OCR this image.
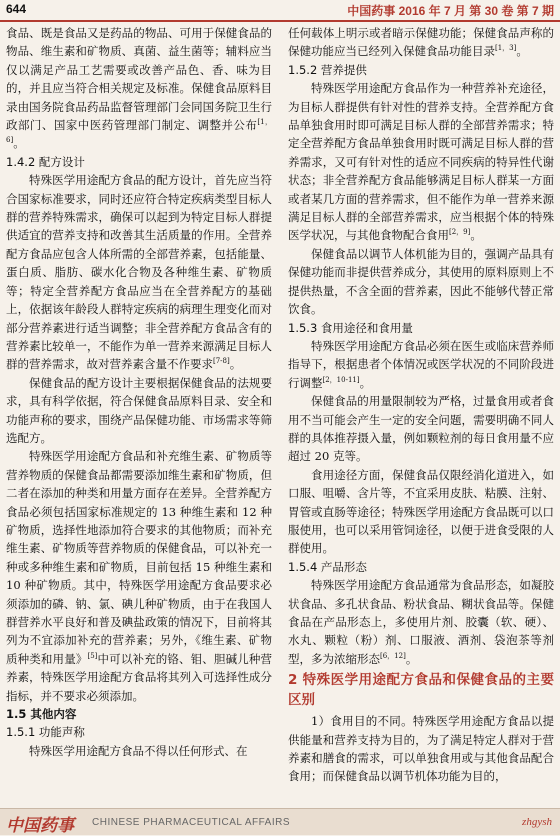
644	中国药事 2016 年 7 月 第 30 卷 第 7 期

食品、既是食品又是药品的物品、可用于保健食品的物品、维生素和矿物质、真菌、益生菌等；辅料应当仅以满足产品工艺需要或改善产品色、香、味为目的，并且应当符合相关规定及标准。保健食品原料目录由国务院食品药品监督管理部门会同国务院卫生行政部门、国家中医药管理部门制定、调整并公布[1，6]。

1.4.2 配方设计

特殊医学用途配方食品的配方设计，首先应当符合国家标准要求，同时还应符合特定疾病类型目标人群的营养特殊需求，确保可以起到为特定目标人群提供适宜的营养支持和改善其生活质量的作用。全营养配方食品应包含人体所需的全部营养素，包括能量、蛋白质、脂肪、碳水化合物及各种维生素、矿物质等；特定全营养配方食品应当在全营养配方的基础上，依据该年龄段人群特定疾病的病理生理变化而对部分营养素进行适当调整；非全营养配方食品含有的营养素比较单一，不能作为单一营养来源满足目标人群的营养需求，故对营养素含量不作要求[7-8]。

保健食品的配方设计主要根据保健食品的法规要求，具有科学依据，符合保健食品原料目录、安全和功能声称的要求，围绕产品保健功能、市场需求等筛选配方。

特殊医学用途配方食品和补充维生素、矿物质等营养物质的保健食品都需要添加维生素和矿物质，但二者在添加的种类和用量方面存在差异。全营养配方食品必须包括国家标准规定的 13 种维生素和 12 种矿物质，选择性地添加符合要求的其他物质；而补充维生素、矿物质等营养物质的保健食品，可以补充一种或多种维生素和矿物质，目前包括 15 种维生素和 10 种矿物质。其中，特殊医学用途配方食品要求必须添加的磷、钠、氯、碘儿种矿物质，由于在我国人群营养水平良好和普及碘盐政策的情况下，目前将其列为不宜添加补充的营养素；另外，《维生素、矿物质种类和用量》[5]中可以补充的铬、钼、胆碱儿种营养素，特殊医学用途配方食品将其列入可选择性成分指标，并不要求必须添加。

1.5 其他内容
1.5.1 功能声称

特殊医学用途配方食品不得以任何形式、在

任何载体上明示或者暗示保健功能；保健食品声称的保健功能应当已经列入保健食品功能目录[1，3]。

1.5.2 营养提供

特殊医学用途配方食品作为一种营养补充途径，为目标人群提供有针对性的营养支持。全营养配方食品单独食用时即可满足目标人群的全部营养需求；特定全营养配方食品单独食用时既可满足目标人群的营养需求，又可有针对性的适应不同疾病的特异性代谢状态；非全营养配方食品能够满足目标人群某一方面或者某几方面的营养需求，但不能作为单一营养来源满足目标人群的全部营养需求，应当根据个体的特殊医学状况，与其他食物配合食用[2，9]。

保健食品以调节人体机能为目的，强调产品具有保健功能而非提供营养成分，其使用的原料原则上不提供热量，不含全面的营养素，因此不能够代替正常饮食。

1.5.3 食用途径和食用量

特殊医学用途配方食品必须在医生或临床营养师指导下，根据患者个体情况或医学状况的不同阶段进行调整[2，10-11]。

保健食品的用量限制较为严格，过量食用或者食用不当可能会产生一定的安全问题，需要明确不同人群的具体推荐摄入量，例如颗粒剂的每日食用量不应超过 20 克等。

食用途径方面，保健食品仅限经消化道进入，如口服、咀嚼、含片等，不宜采用皮肤、粘膜、注射、胃管或直肠等途径；特殊医学用途配方食品既可以口服使用，也可以采用管饲途径，以便于进食受限的人群使用。

1.5.4 产品形态

特殊医学用途配方食品通常为食品形态，如凝胶状食品、多孔状食品、粉状食品、糊状食品等。保健食品在产品形态上，多使用片剂、胶囊（软、硬）、水丸、颗粒（粉）剂、口服液、酒剂、袋泡茶等剂型，多为浓缩形态[6，12]。

2 特殊医学用途配方食品和保健食品的主要区别

1）食用目的不同。特殊医学用途配方食品以提供能量和营养支持为目的，为了满足特定人群对于营养素和膳食的需求，可以单独食用或与其他食品配合食用；而保健食品以调节机体功能为目的，

中国药事 CHINESE PHARMACEUTICAL AFFAIRS	zhgysh
